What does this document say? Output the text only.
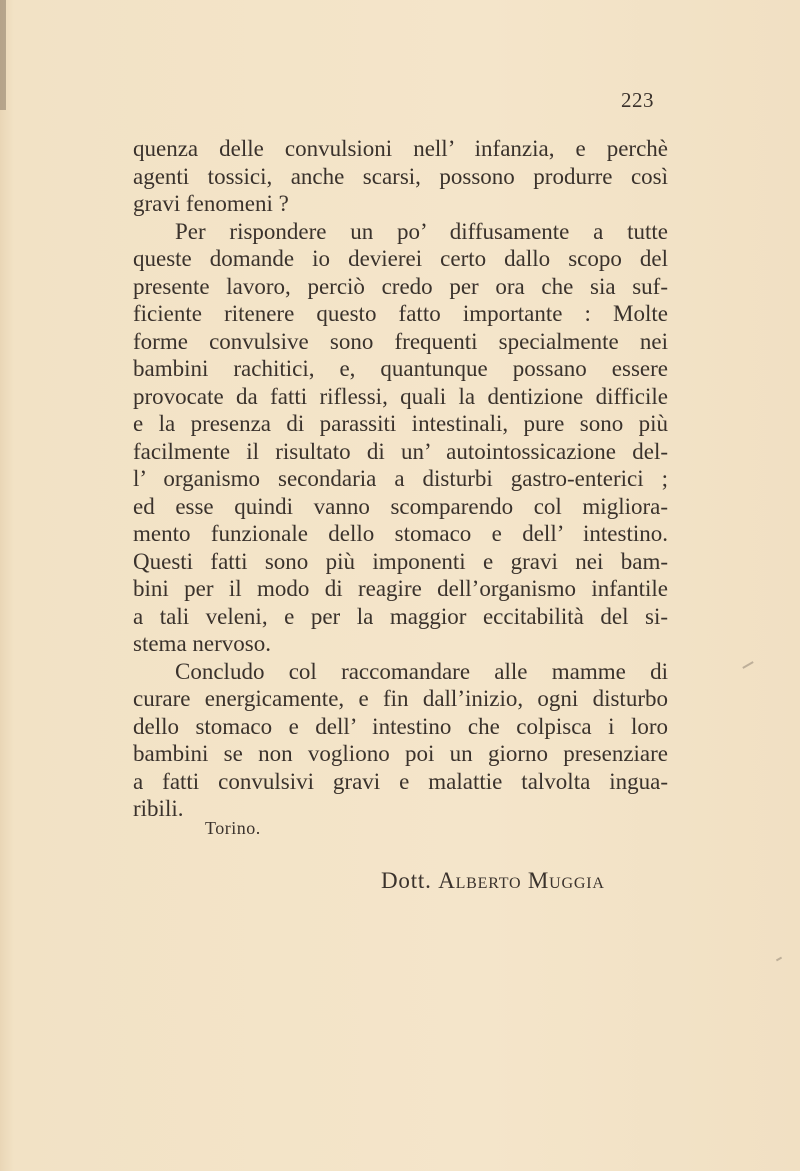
223
quenza delle convulsioni nell’ infanzia, e perchè
agenti tossici, anche scarsi, possono produrre così
gravi fenomeni ?
Per rispondere un po’ diffusamente a tutte
queste domande io devierei certo dallo scopo del
presente lavoro, perciò credo per ora che sia suf-
ficiente ritenere questo fatto importante : Molte
forme convulsive sono frequenti specialmente nei
bambini rachitici, e, quantunque possano essere
provocate da fatti riflessi, quali la dentizione difficile
e la presenza di parassiti intestinali, pure sono più
facilmente il risultato di un’ autointossicazione del-
l’ organismo secondaria a disturbi gastro-enterici ;
ed esse quindi vanno scomparendo col migliora-
mento funzionale dello stomaco e dell’ intestino.
Questi fatti sono più imponenti e gravi nei bam-
bini per il modo di reagire dell’organismo infantile
a tali veleni, e per la maggior eccitabilità del si-
stema nervoso.
Concludo col raccomandare alle mamme di
curare energicamente, e fin dall’inizio, ogni disturbo
dello stomaco e dell’ intestino che colpisca i loro
bambini se non vogliono poi un giorno presenziare
a fatti convulsivi gravi e malattie talvolta ingua-
ribili.
Torino.
Dott. Alberto Muggia
